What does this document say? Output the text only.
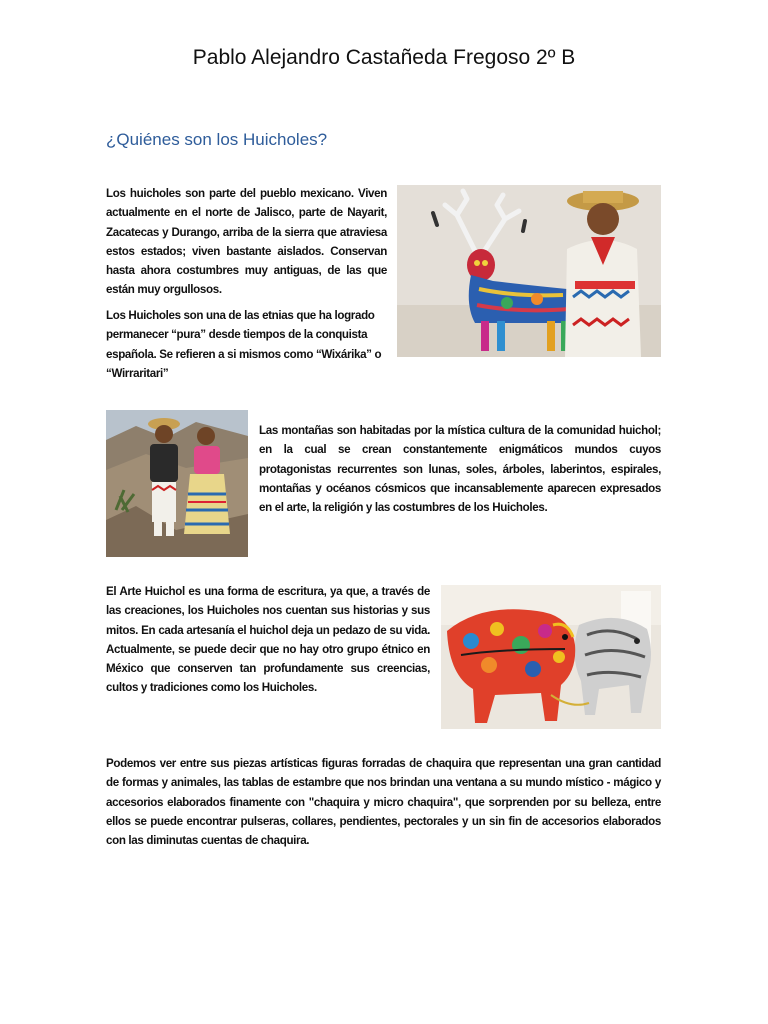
Pablo Alejandro Castañeda Fregoso 2º B
¿Quiénes son los Huicholes?
Los huicholes son parte del pueblo mexicano. Viven actualmente en el norte de Jalisco, parte de Nayarit, Zacatecas y Durango, arriba de la sierra que atraviesa estos estados; viven bastante aislados. Conservan hasta ahora costumbres muy antiguas, de las que están muy orgullosos.
Los Huicholes son una de las etnias que ha logrado permanecer “pura” desde tiempos de la conquista española. Se refieren a si mismos como “Wixárika” o “Wirraritari”
Las montañas son habitadas por la mística cultura de la comunidad huichol; en la cual se crean constantemente enigmáticos mundos cuyos protagonistas recurrentes son lunas, soles, árboles, laberintos, espirales, montañas y océanos cósmicos que incansablemente aparecen expresados en el arte, la religión y las costumbres de los Huicholes.
El Arte Huichol es una forma de escritura, ya que, a través de las creaciones, los Huicholes nos cuentan sus historias y sus mitos. En cada artesanía el huichol deja un pedazo de su vida. Actualmente, se puede decir que no hay otro grupo étnico en México que conserven tan profundamente sus creencias, cultos y tradiciones como los Huicholes.
Podemos ver entre sus piezas artísticas figuras forradas de chaquira que representan una gran cantidad de formas y animales, las tablas de estambre que nos brindan una ventana a su mundo místico - mágico y accesorios elaborados finamente con "chaquira y micro chaquira", que sorprenden por su belleza, entre ellos se puede encontrar pulseras, collares, pendientes, pectorales y un sin fin de accesorios elaborados con las diminutas cuentas de chaquira.
